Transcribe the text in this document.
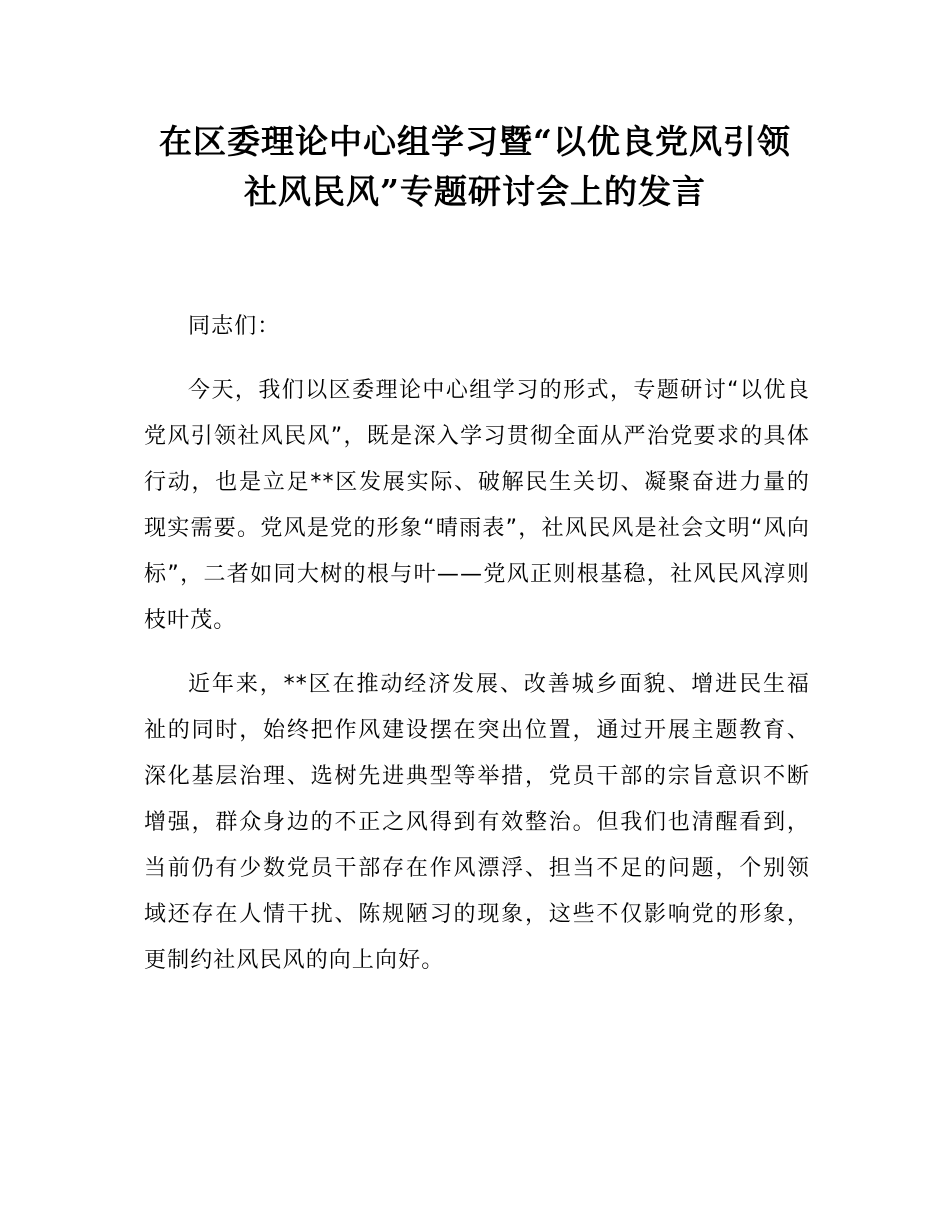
在区委理论中心组学习暨“以优良党风引领
社风民风”专题研讨会上的发言

同志们：

今天，我们以区委理论中心组学习的形式，专题研讨“以优良党风引领社风民风”，既是深入学习贯彻全面从严治党要求的具体行动，也是立足**区发展实际、破解民生关切、凝聚奋进力量的现实需要。党风是党的形象“晴雨表”，社风民风是社会文明“风向标”，二者如同大树的根与叶——党风正则根基稳，社风民风淳则枝叶茂。

近年来，**区在推动经济发展、改善城乡面貌、增进民生福祉的同时，始终把作风建设摆在突出位置，通过开展主题教育、深化基层治理、选树先进典型等举措，党员干部的宗旨意识不断增强，群众身边的不正之风得到有效整治。但我们也清醒看到，当前仍有少数党员干部存在作风漂浮、担当不足的问题，个别领域还存在人情干扰、陈规陋习的现象，这些不仅影响党的形象，更制约社风民风的向上向好。
